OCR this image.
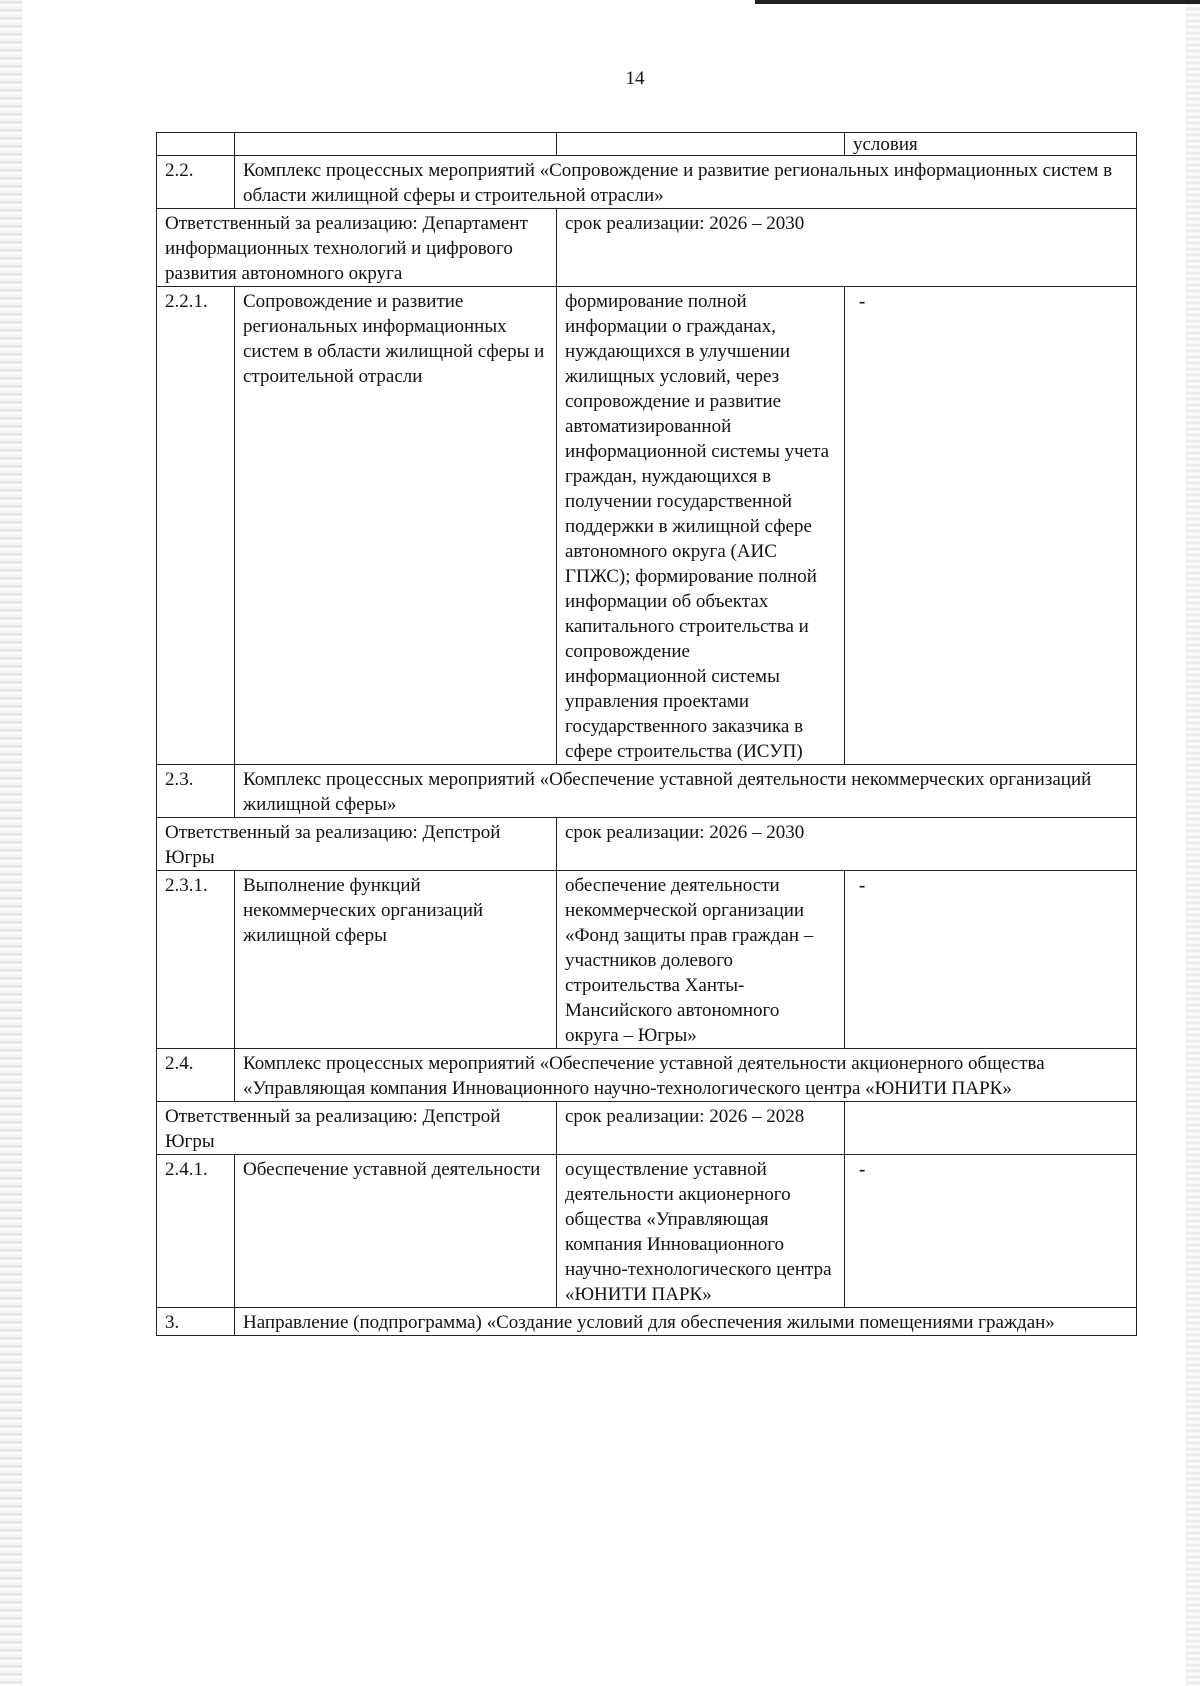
14
			условия
2.2.	Комплекс процессных мероприятий «Сопровождение и развитие региональных информационных систем в области жилищной сферы и строительной отрасли»		
Ответственный за реализацию: Департамент информационных технологий и цифрового развития автономного округа		срок реализации: 2026 – 2030	
2.2.1.	Сопровождение и развитие региональных информационных систем в области жилищной сферы и строительной отрасли	формирование полной информации о гражданах, нуждающихся в улучшении жилищных условий, через сопровождение и развитие автоматизированной информационной системы учета граждан, нуждающихся в получении государственной поддержки в жилищной сфере автономного округа (АИС ГПЖС); формирование полной информации об объектах капитального строительства и сопровождение информационной системы управления проектами государственного заказчика в сфере строительства (ИСУП)	-
2.3.	Комплекс процессных мероприятий «Обеспечение уставной деятельности некоммерческих организаций жилищной сферы»		
Ответственный за реализацию: Депстрой Югры		срок реализации: 2026 – 2030	
2.3.1.	Выполнение функций некоммерческих организаций жилищной сферы	обеспечение деятельности некоммерческой организации «Фонд защиты прав граждан – участников долевого строительства Ханты-Мансийского автономного округа – Югры»	-
2.4.	Комплекс процессных мероприятий «Обеспечение уставной деятельности акционерного общества «Управляющая компания Инновационного научно-технологического центра «ЮНИТИ ПАРК»		
Ответственный за реализацию: Депстрой Югры		срок реализации: 2026 – 2028	
2.4.1.	Обеспечение уставной деятельности	осуществление уставной деятельности акционерного общества «Управляющая компания Инновационного научно-технологического центра «ЮНИТИ ПАРК»	-
3.	Направление (подпрограмма) «Создание условий для обеспечения жилыми помещениями граждан»		
